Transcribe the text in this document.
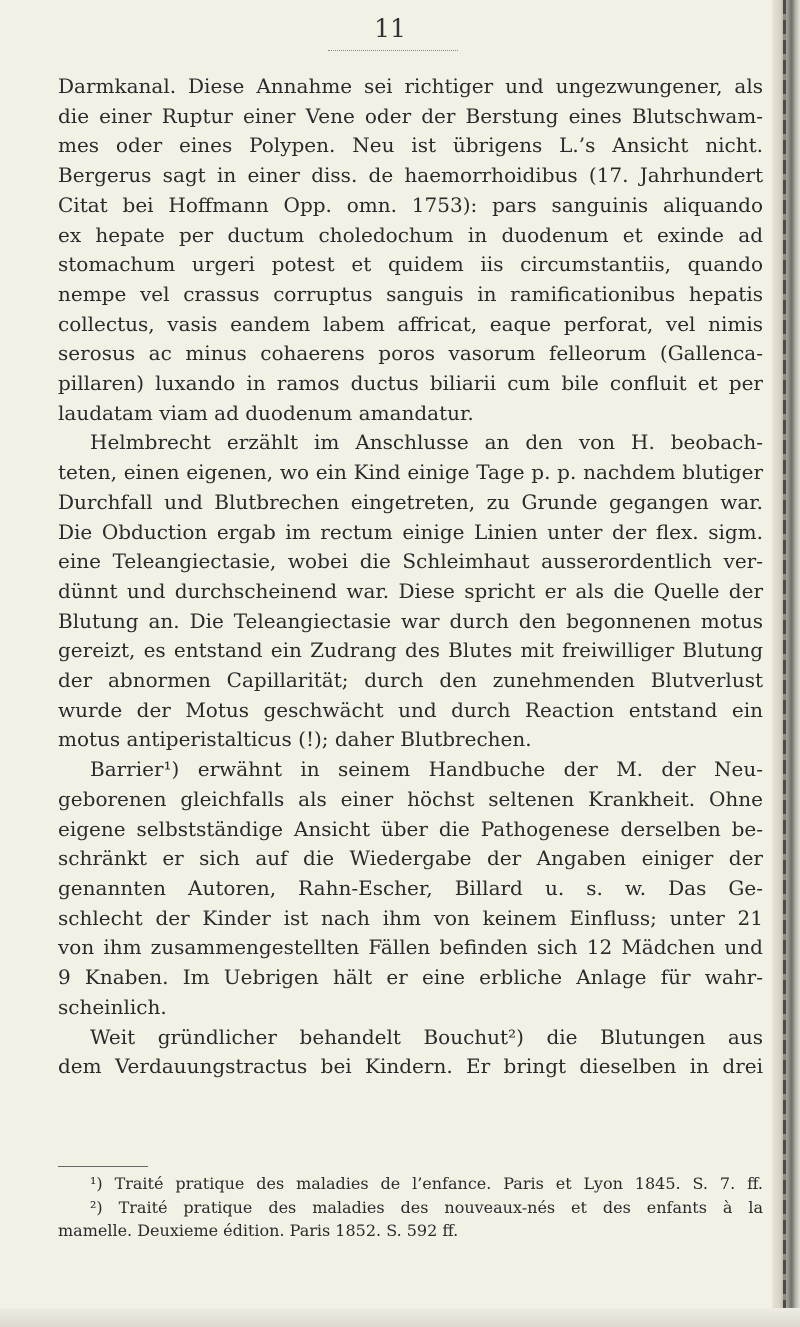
11
Darmkanal. Diese Annahme sei richtiger und ungezwungener, als
die einer Ruptur einer Vene oder der Berstung eines Blutschwam-
mes oder eines Polypen. Neu ist übrigens L.’s Ansicht nicht.
Bergerus sagt in einer diss. de haemorrhoidibus (17. Jahrhundert
Citat bei Hoffmann Opp. omn. 1753): pars sanguinis aliquando
ex hepate per ductum choledochum in duodenum et exinde ad
stomachum urgeri potest et quidem iis circumstantiis, quando
nempe vel crassus corruptus sanguis in ramificationibus hepatis
collectus, vasis eandem labem affricat, eaque perforat, vel nimis
serosus ac minus cohaerens poros vasorum felleorum (Gallenca-
pillaren) luxando in ramos ductus biliarii cum bile confluit et per
laudatam viam ad duodenum amandatur.
Helmbrecht erzählt im Anschlusse an den von H. beobach-
teten, einen eigenen, wo ein Kind einige Tage p. p. nachdem blutiger
Durchfall und Blutbrechen eingetreten, zu Grunde gegangen war.
Die Obduction ergab im rectum einige Linien unter der flex. sigm.
eine Teleangiectasie, wobei die Schleimhaut ausserordentlich ver-
dünnt und durchscheinend war. Diese spricht er als die Quelle der
Blutung an. Die Teleangiectasie war durch den begonnenen motus
gereizt, es entstand ein Zudrang des Blutes mit freiwilliger Blutung
der abnormen Capillarität; durch den zunehmenden Blutverlust
wurde der Motus geschwächt und durch Reaction entstand ein
motus antiperistalticus (!); daher Blutbrechen.
Barrier¹) erwähnt in seinem Handbuche der M. der Neu-
geborenen gleichfalls als einer höchst seltenen Krankheit. Ohne
eigene selbstständige Ansicht über die Pathogenese derselben be-
schränkt er sich auf die Wiedergabe der Angaben einiger der
genannten Autoren, Rahn-Escher, Billard u. s. w. Das Ge-
schlecht der Kinder ist nach ihm von keinem Einfluss; unter 21
von ihm zusammengestellten Fällen befinden sich 12 Mädchen und
9 Knaben. Im Uebrigen hält er eine erbliche Anlage für wahr-
scheinlich.
Weit gründlicher behandelt Bouchut²) die Blutungen aus
dem Verdauungstractus bei Kindern. Er bringt dieselben in drei
¹) Traité pratique des maladies de l’enfance. Paris et Lyon 1845. S. 7. ff.
²) Traité pratique des maladies des nouveaux-nés et des enfants à la
mamelle. Deuxieme édition. Paris 1852. S. 592 ff.
